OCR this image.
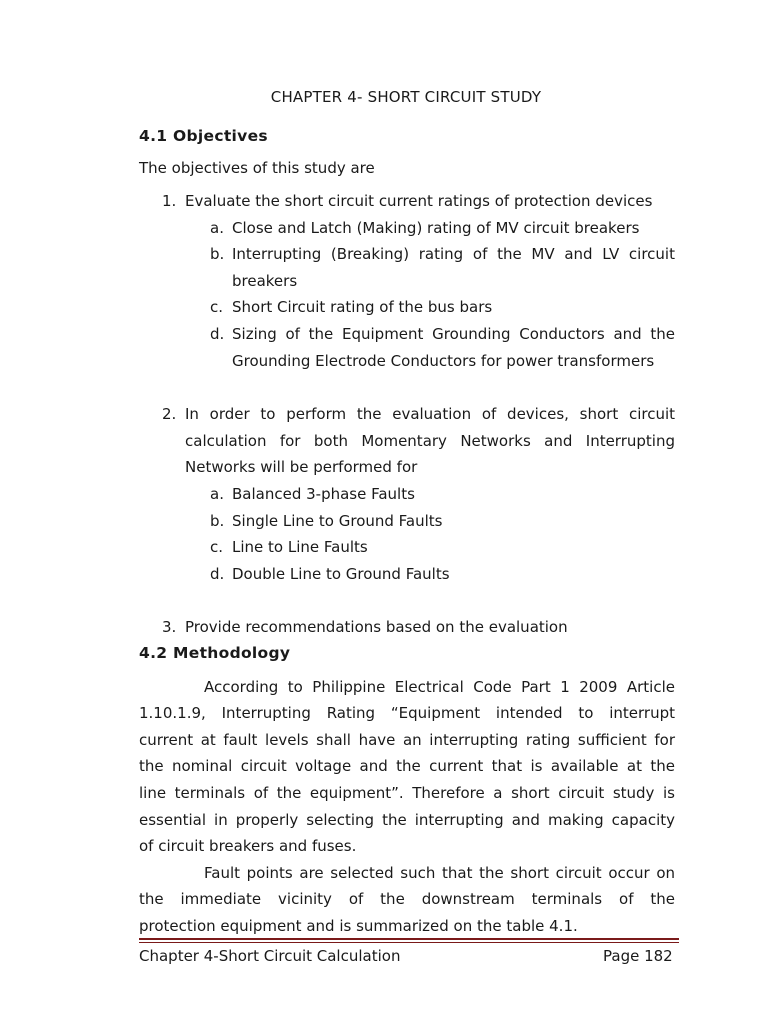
CHAPTER 4- SHORT CIRCUIT STUDY
4.1 Objectives
The objectives of this study are
1. Evaluate the short circuit current ratings of protection devices
a. Close and Latch (Making) rating of MV circuit breakers
b. Interrupting (Breaking) rating of the MV and LV circuit
breakers
c. Short Circuit rating of the bus bars
d. Sizing of the Equipment Grounding Conductors and the
Grounding Electrode Conductors for power transformers
2. In order to perform the evaluation of devices, short circuit
calculation for both Momentary Networks and Interrupting
Networks will be performed for
a. Balanced 3-phase Faults
b. Single Line to Ground Faults
c. Line to Line Faults
d. Double Line to Ground Faults
3. Provide recommendations based on the evaluation
4.2 Methodology
According to Philippine Electrical Code Part 1 2009 Article
1.10.1.9, Interrupting Rating “Equipment intended to interrupt
current at fault levels shall have an interrupting rating sufficient for
the nominal circuit voltage and the current that is available at the
line terminals of the equipment”. Therefore a short circuit study is
essential in properly selecting the interrupting and making capacity
of circuit breakers and fuses.
Fault points are selected such that the short circuit occur on
the immediate vicinity of the downstream terminals of the
protection equipment and is summarized on the table 4.1.
Chapter 4-Short Circuit Calculation	Page 182
